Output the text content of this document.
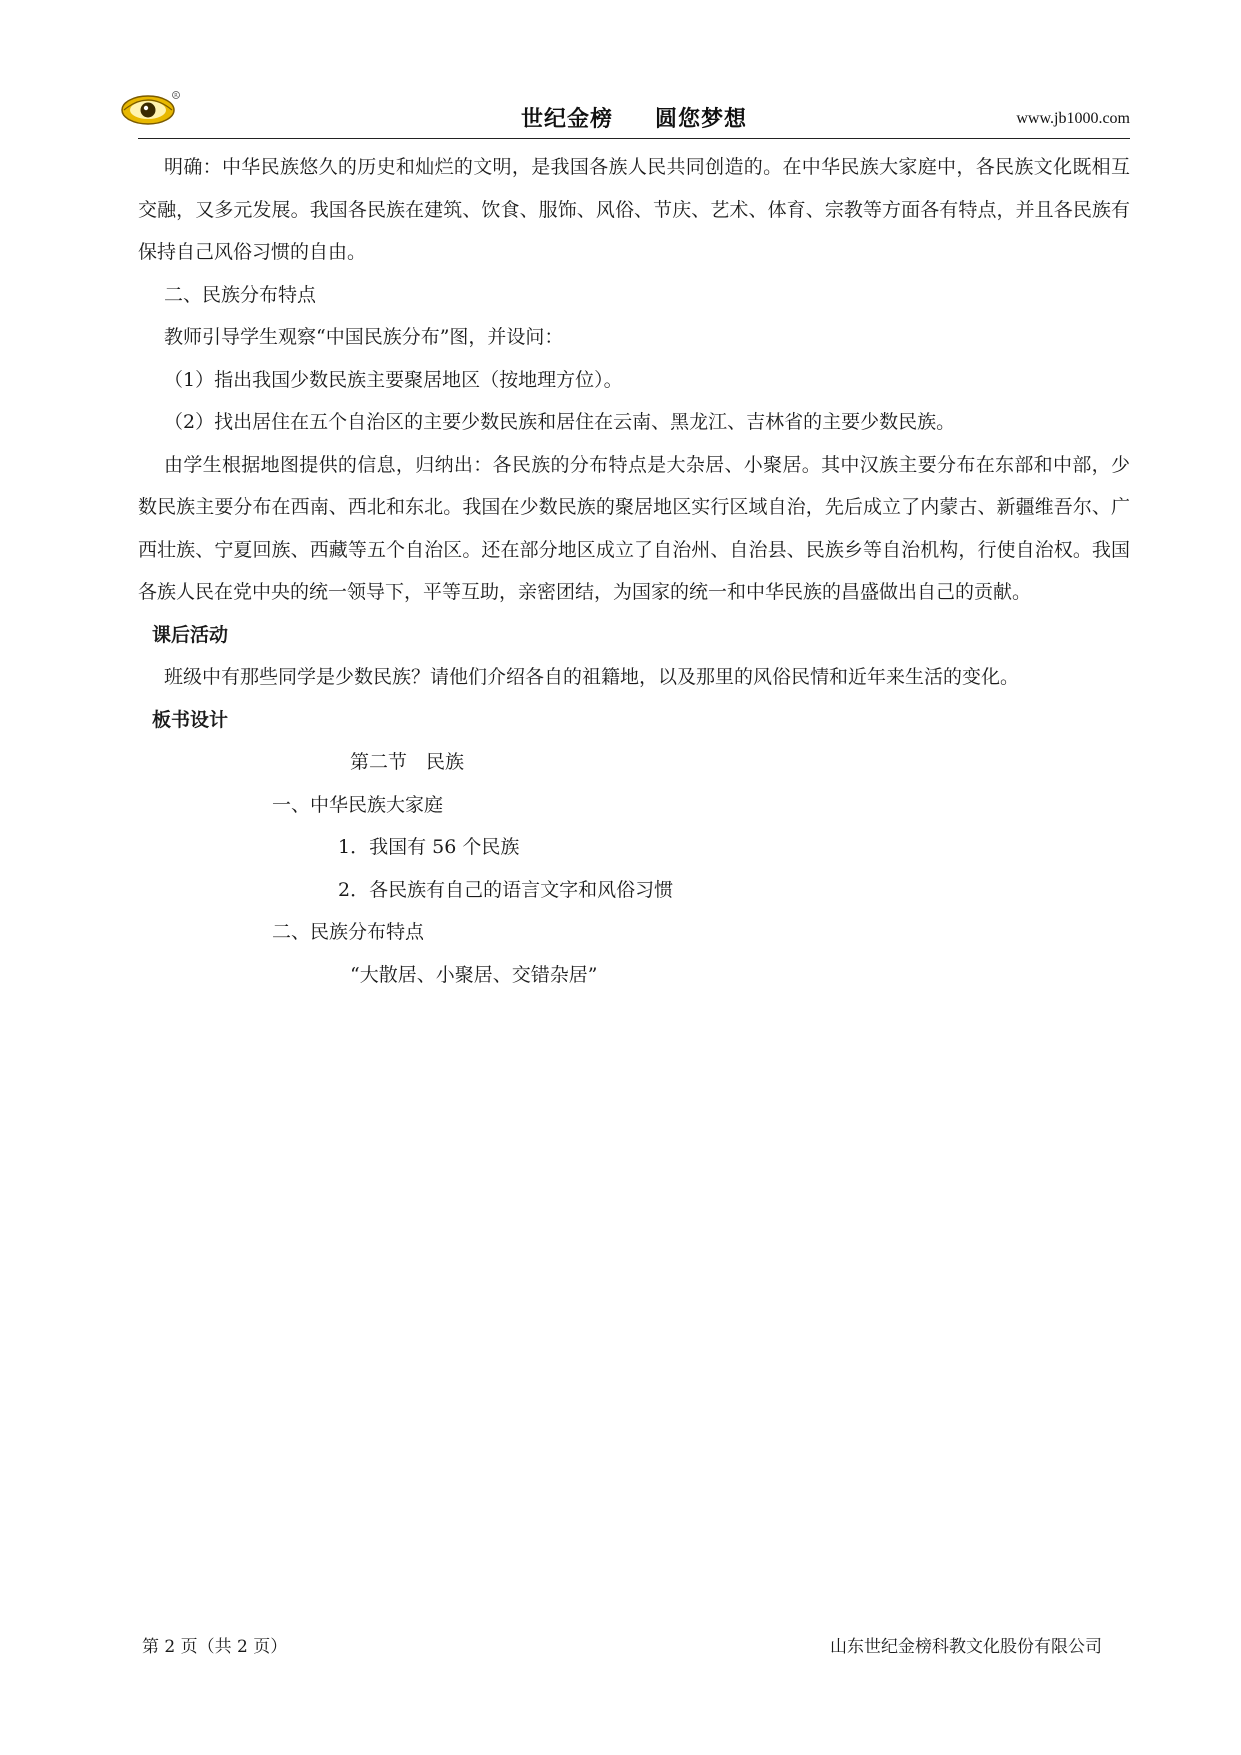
R
世纪金榜 圆您梦想	www.jb1000.com

明确：中华民族悠久的历史和灿烂的文明，是我国各族人民共同创造的。在中华民族大家庭中，各民族文化既相互交融，又多元发展。我国各民族在建筑、饮食、服饰、风俗、节庆、艺术、体育、宗教等方面各有特点，并且各民族有保持自己风俗习惯的自由。

二、民族分布特点

教师引导学生观察“中国民族分布”图，并设问：

（1）指出我国少数民族主要聚居地区（按地理方位）。

（2）找出居住在五个自治区的主要少数民族和居住在云南、黑龙江、吉林省的主要少数民族。

由学生根据地图提供的信息，归纳出：各民族的分布特点是大杂居、小聚居。其中汉族主要分布在东部和中部，少数民族主要分布在西南、西北和东北。我国在少数民族的聚居地区实行区域自治，先后成立了内蒙古、新疆维吾尔、广西壮族、宁夏回族、西藏等五个自治区。还在部分地区成立了自治州、自治县、民族乡等自治机构，行使自治权。我国各族人民在党中央的统一领导下，平等互助，亲密团结，为国家的统一和中华民族的昌盛做出自己的贡献。

课后活动

班级中有那些同学是少数民族？请他们介绍各自的祖籍地，以及那里的风俗民情和近年来生活的变化。

板书设计

第二节　民族

一、中华民族大家庭

1．我国有 56 个民族

2．各民族有自己的语言文字和风俗习惯

二、民族分布特点

“大散居、小聚居、交错杂居”

第 2 页（共 2 页）	山东世纪金榜科教文化股份有限公司
